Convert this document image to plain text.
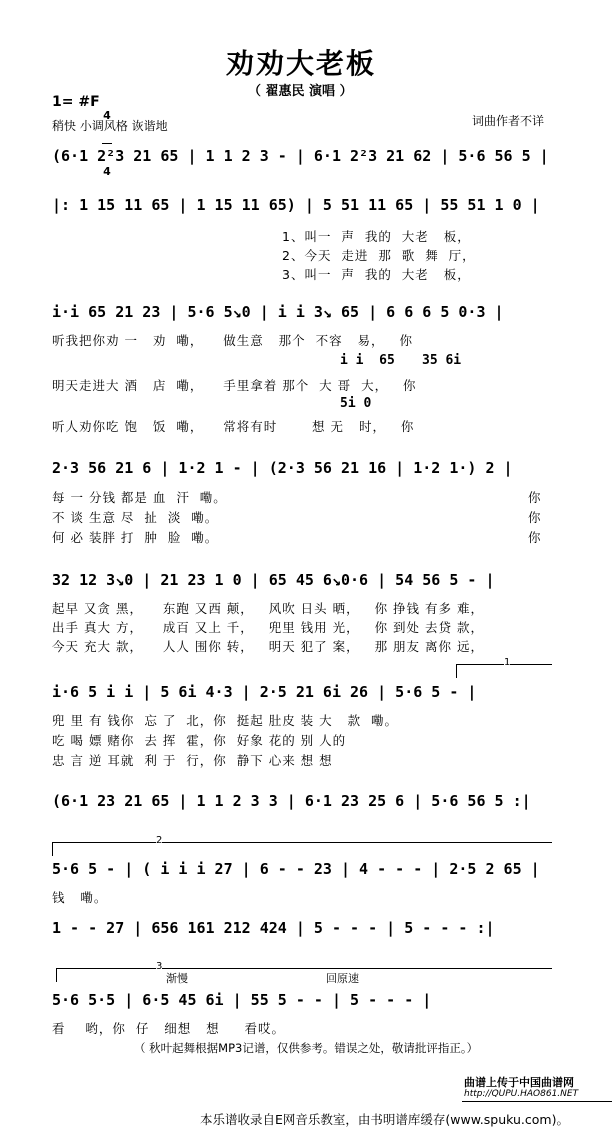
劝劝大老板
（ 翟惠民 演唱 ）
1= #F

4

4

稍快 小调风格 诙谐地	词曲作者不详
(6·1 2²3 21 65 | 1 1 2 3 - | 6·1 2²3 21 62 | 5·6 56 5 |
|: 1 15 11 65 | 1 15 11 65) | 5 51 11 65 | 55 51 1 0 |
1、叫一  声  我的  大老   板，
2、今天  走进  那  歌  舞  厅，
3、叫一  声  我的  大老   板，
i·i 65 21 23 | 5·6 5↘0 | i i 3↘ 65 | 6 6 6 5 0·3 |
听我把你劝 一   劝  嘞，    做生意   那个  不容   易，   你
i i  65 35 6i
明天走进大 酒   店  嘞，    手里拿着 那个  大 哥  大，   你
5i 0
听人劝你吃 饱   饭  嘞，    常将有时       想 无   时，   你
2·3 56 21 6 | 1·2 1 - | (2·3 56 21 16 | 1·2 1·) 2 |
每 一 分钱 都是 血  汗  嘞。
不 谈 生意 尽  扯  淡  嘞。
何 必 装胖 打  肿  脸  嘞。
你
你
你
32 12 3↘0 | 21 23 1 0 | 65 45 6↘0·6 | 54 56 5 - |
起早 又贪 黑，    东跑 又西 颠，   风吹 日头 晒，   你 挣钱 有多 难，
出手 真大 方，    成百 又上 千，   兜里 钱用 光，   你 到处 去贷 款，
今天 充大 款，    人人 围你 转，   明天 犯了 案，   那 朋友 离你 远，
1
i·6 5 i i | 5 6i 4·3 | 2·5 21 6i 26 | 5·6 5 - |
兜 里 有 钱你  忘 了  北，你  挺起 肚皮 装 大   款  嘞。
吃 喝 嫖 赌你  去 挥  霍，你  好象 花的 别 人的
忠 言 逆 耳就  利 于  行，你  静下 心来 想 想
(6·1 23 21 65 | 1 1 2 3 3 | 6·1 23 25 6 | 5·6 56 5 :|
2
5·6 5 - | ( i i i 27 | 6 - - 23 | 4 - - - | 2·5 2 65 |
钱   嘞。
1 - - 27 | 656 161 212 424 | 5 - - - | 5 - - - :|
3
渐慢	回原速
5·6 5·5 | 6·5 45 6i | 55 5 - - | 5 - - - |
看    哟，你  仔   细想   想     看哎。
（ 秋叶起舞根据MP3记谱，仅供参考。错误之处，敬请批评指正。）
曲谱上传于中国曲谱网
http://QUPU.HAO861.NET
本乐谱收录自E网音乐教室，由书明谱库缓存(www.spuku.com)。
